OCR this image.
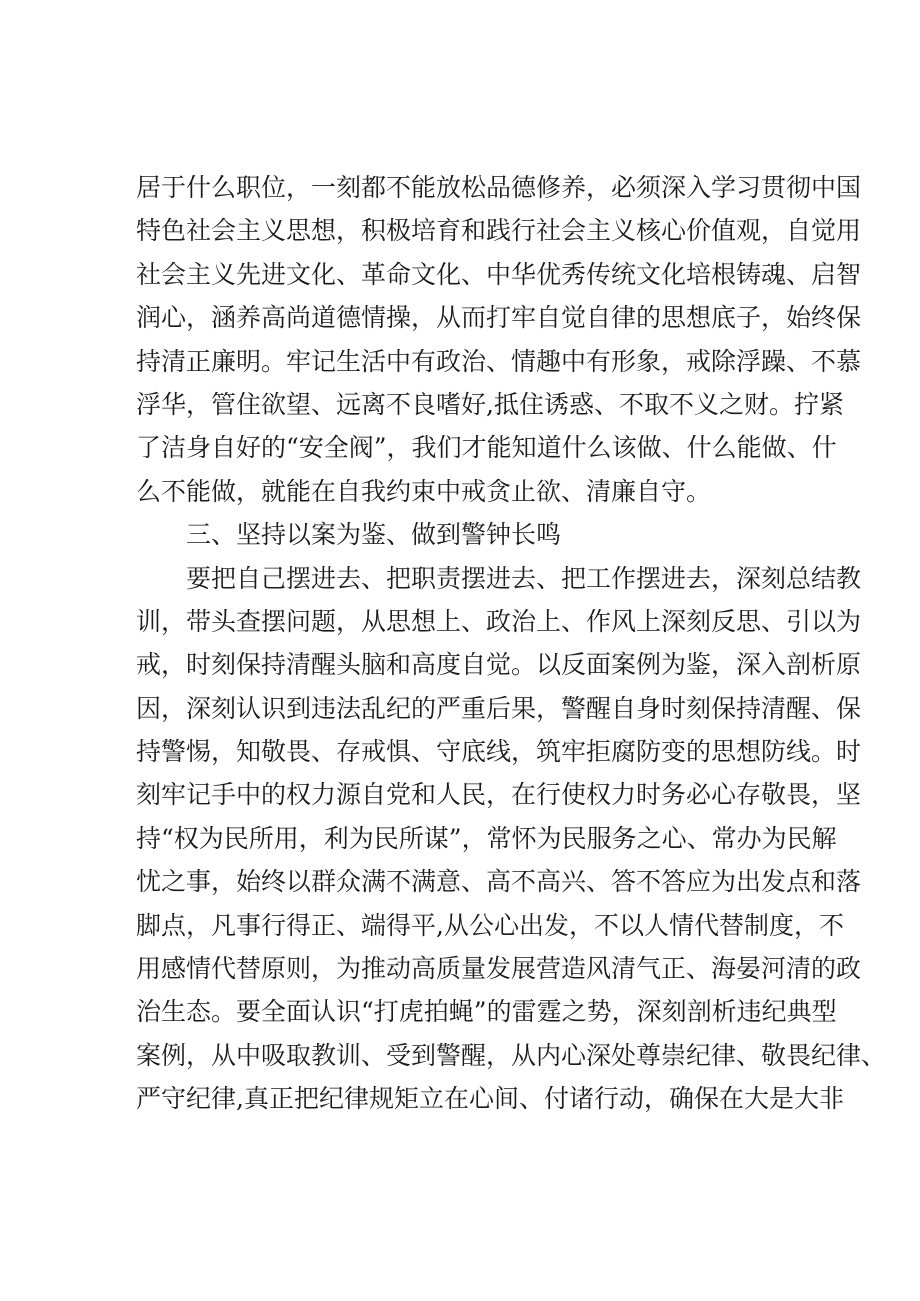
居于什么职位，一刻都不能放松品德修养，必须深入学习贯彻中国
特色社会主义思想，积极培育和践行社会主义核心价值观，自觉用
社会主义先进文化、革命文化、中华优秀传统文化培根铸魂、启智
润心，涵养高尚道德情操，从而打牢自觉自律的思想底子，始终保
持清正廉明。牢记生活中有政治、情趣中有形象，戒除浮躁、不慕
浮华，管住欲望、远离不良嗜好,抵住诱惑、不取不义之财。拧紧
了洁身自好的“安全阀”，我们才能知道什么该做、什么能做、什
么不能做，就能在自我约束中戒贪止欲、清廉自守。
三、坚持以案为鉴、做到警钟长鸣
要把自己摆进去、把职责摆进去、把工作摆进去，深刻总结教
训，带头查摆问题，从思想上、政治上、作风上深刻反思、引以为
戒，时刻保持清醒头脑和高度自觉。以反面案例为鉴，深入剖析原
因，深刻认识到违法乱纪的严重后果，警醒自身时刻保持清醒、保
持警惕，知敬畏、存戒惧、守底线，筑牢拒腐防变的思想防线。时
刻牢记手中的权力源自党和人民，在行使权力时务必心存敬畏，坚
持“权为民所用，利为民所谋”，常怀为民服务之心、常办为民解
忧之事，始终以群众满不满意、高不高兴、答不答应为出发点和落
脚点，凡事行得正、端得平,从公心出发，不以人情代替制度，不
用感情代替原则，为推动高质量发展营造风清气正、海晏河清的政
治生态。要全面认识“打虎拍蝇”的雷霆之势，深刻剖析违纪典型
案例，从中吸取教训、受到警醒，从内心深处尊崇纪律、敬畏纪律、
严守纪律,真正把纪律规矩立在心间、付诸行动，确保在大是大非
